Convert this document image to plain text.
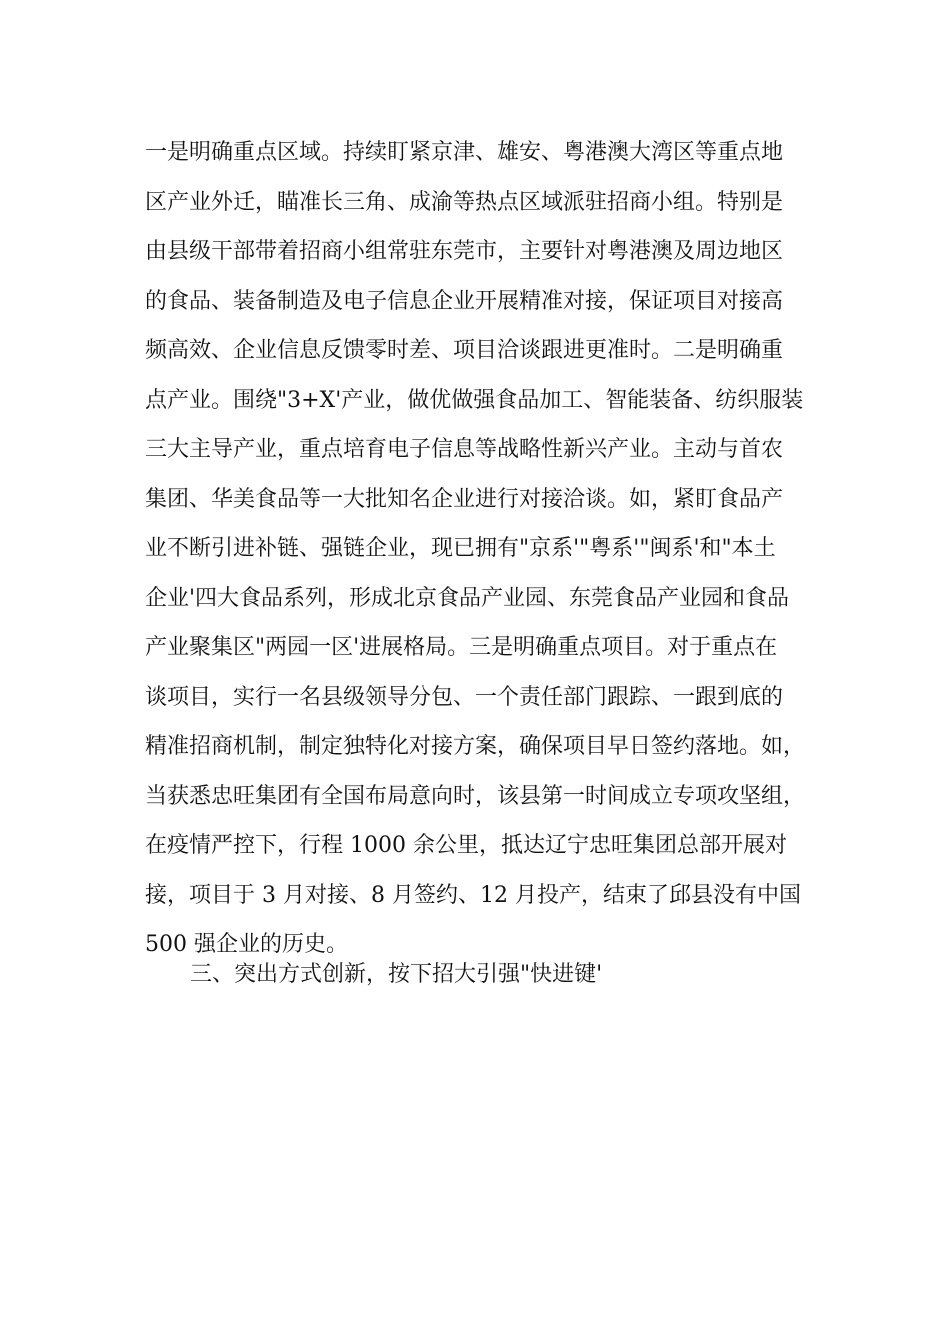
一是明确重点区域。持续盯紧京津、雄安、粤港澳大湾区等重点地
区产业外迁，瞄准长三角、成渝等热点区域派驻招商小组。特别是
由县级干部带着招商小组常驻东莞市，主要针对粤港澳及周边地区
的食品、装备制造及电子信息企业开展精准对接，保证项目对接高
频高效、企业信息反馈零时差、项目洽谈跟进更准时。二是明确重
点产业。围绕"3+X'产业，做优做强食品加工、智能装备、纺织服装
三大主导产业，重点培育电子信息等战略性新兴产业。主动与首农
集团、华美食品等一大批知名企业进行对接洽谈。如，紧盯食品产
业不断引进补链、强链企业，现已拥有"京系'"粤系'"闽系'和"本土
企业'四大食品系列，形成北京食品产业园、东莞食品产业园和食品
产业聚集区"两园一区'进展格局。三是明确重点项目。对于重点在
谈项目，实行一名县级领导分包、一个责任部门跟踪、一跟到底的
精准招商机制，制定独特化对接方案，确保项目早日签约落地。如，
当获悉忠旺集团有全国布局意向时，该县第一时间成立专项攻坚组，
在疫情严控下，行程 1000 余公里，抵达辽宁忠旺集团总部开展对
接，项目于 3 月对接、8 月签约、12 月投产，结束了邱县没有中国
500 强企业的历史。
三、突出方式创新，按下招大引强"快进键'
